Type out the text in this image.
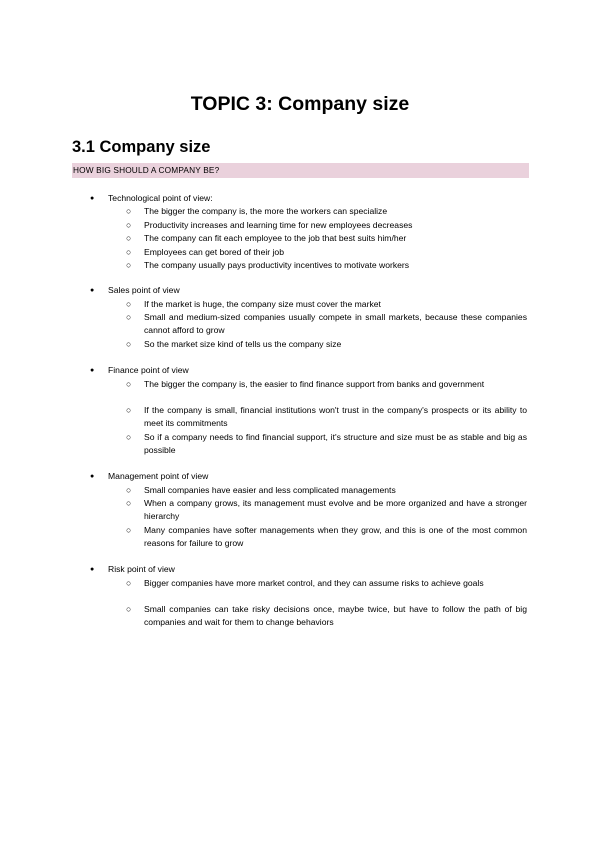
TOPIC 3: Company size
3.1 Company size
HOW BIG SHOULD A COMPANY BE?
● Technological point of view:
○ The bigger the company is, the more the workers can specialize
○ Productivity increases and learning time for new employees decreases
○ The company can fit each employee to the job that best suits him/her
○ Employees can get bored of their job
○ The company usually pays productivity incentives to motivate workers
● Sales point of view
○ If the market is huge, the company size must cover the market
○ Small and medium-sized companies usually compete in small markets, because these companies cannot afford to grow
○ So the market size kind of tells us the company size
● Finance point of view
○ The bigger the company is, the easier to find finance support from banks and government
○ If the company is small, financial institutions won't trust in the company's prospects or its ability to meet its commitments
○ So if a company needs to find financial support, it's structure and size must be as stable and big as possible
● Management point of view
○ Small companies have easier and less complicated managements
○ When a company grows, its management must evolve and be more organized and have a stronger hierarchy
○ Many companies have softer managements when they grow, and this is one of the most common reasons for failure to grow
● Risk point of view
○ Bigger companies have more market control, and they can assume risks to achieve goals
○ Small companies can take risky decisions once, maybe twice, but have to follow the path of big companies and wait for them to change behaviors
